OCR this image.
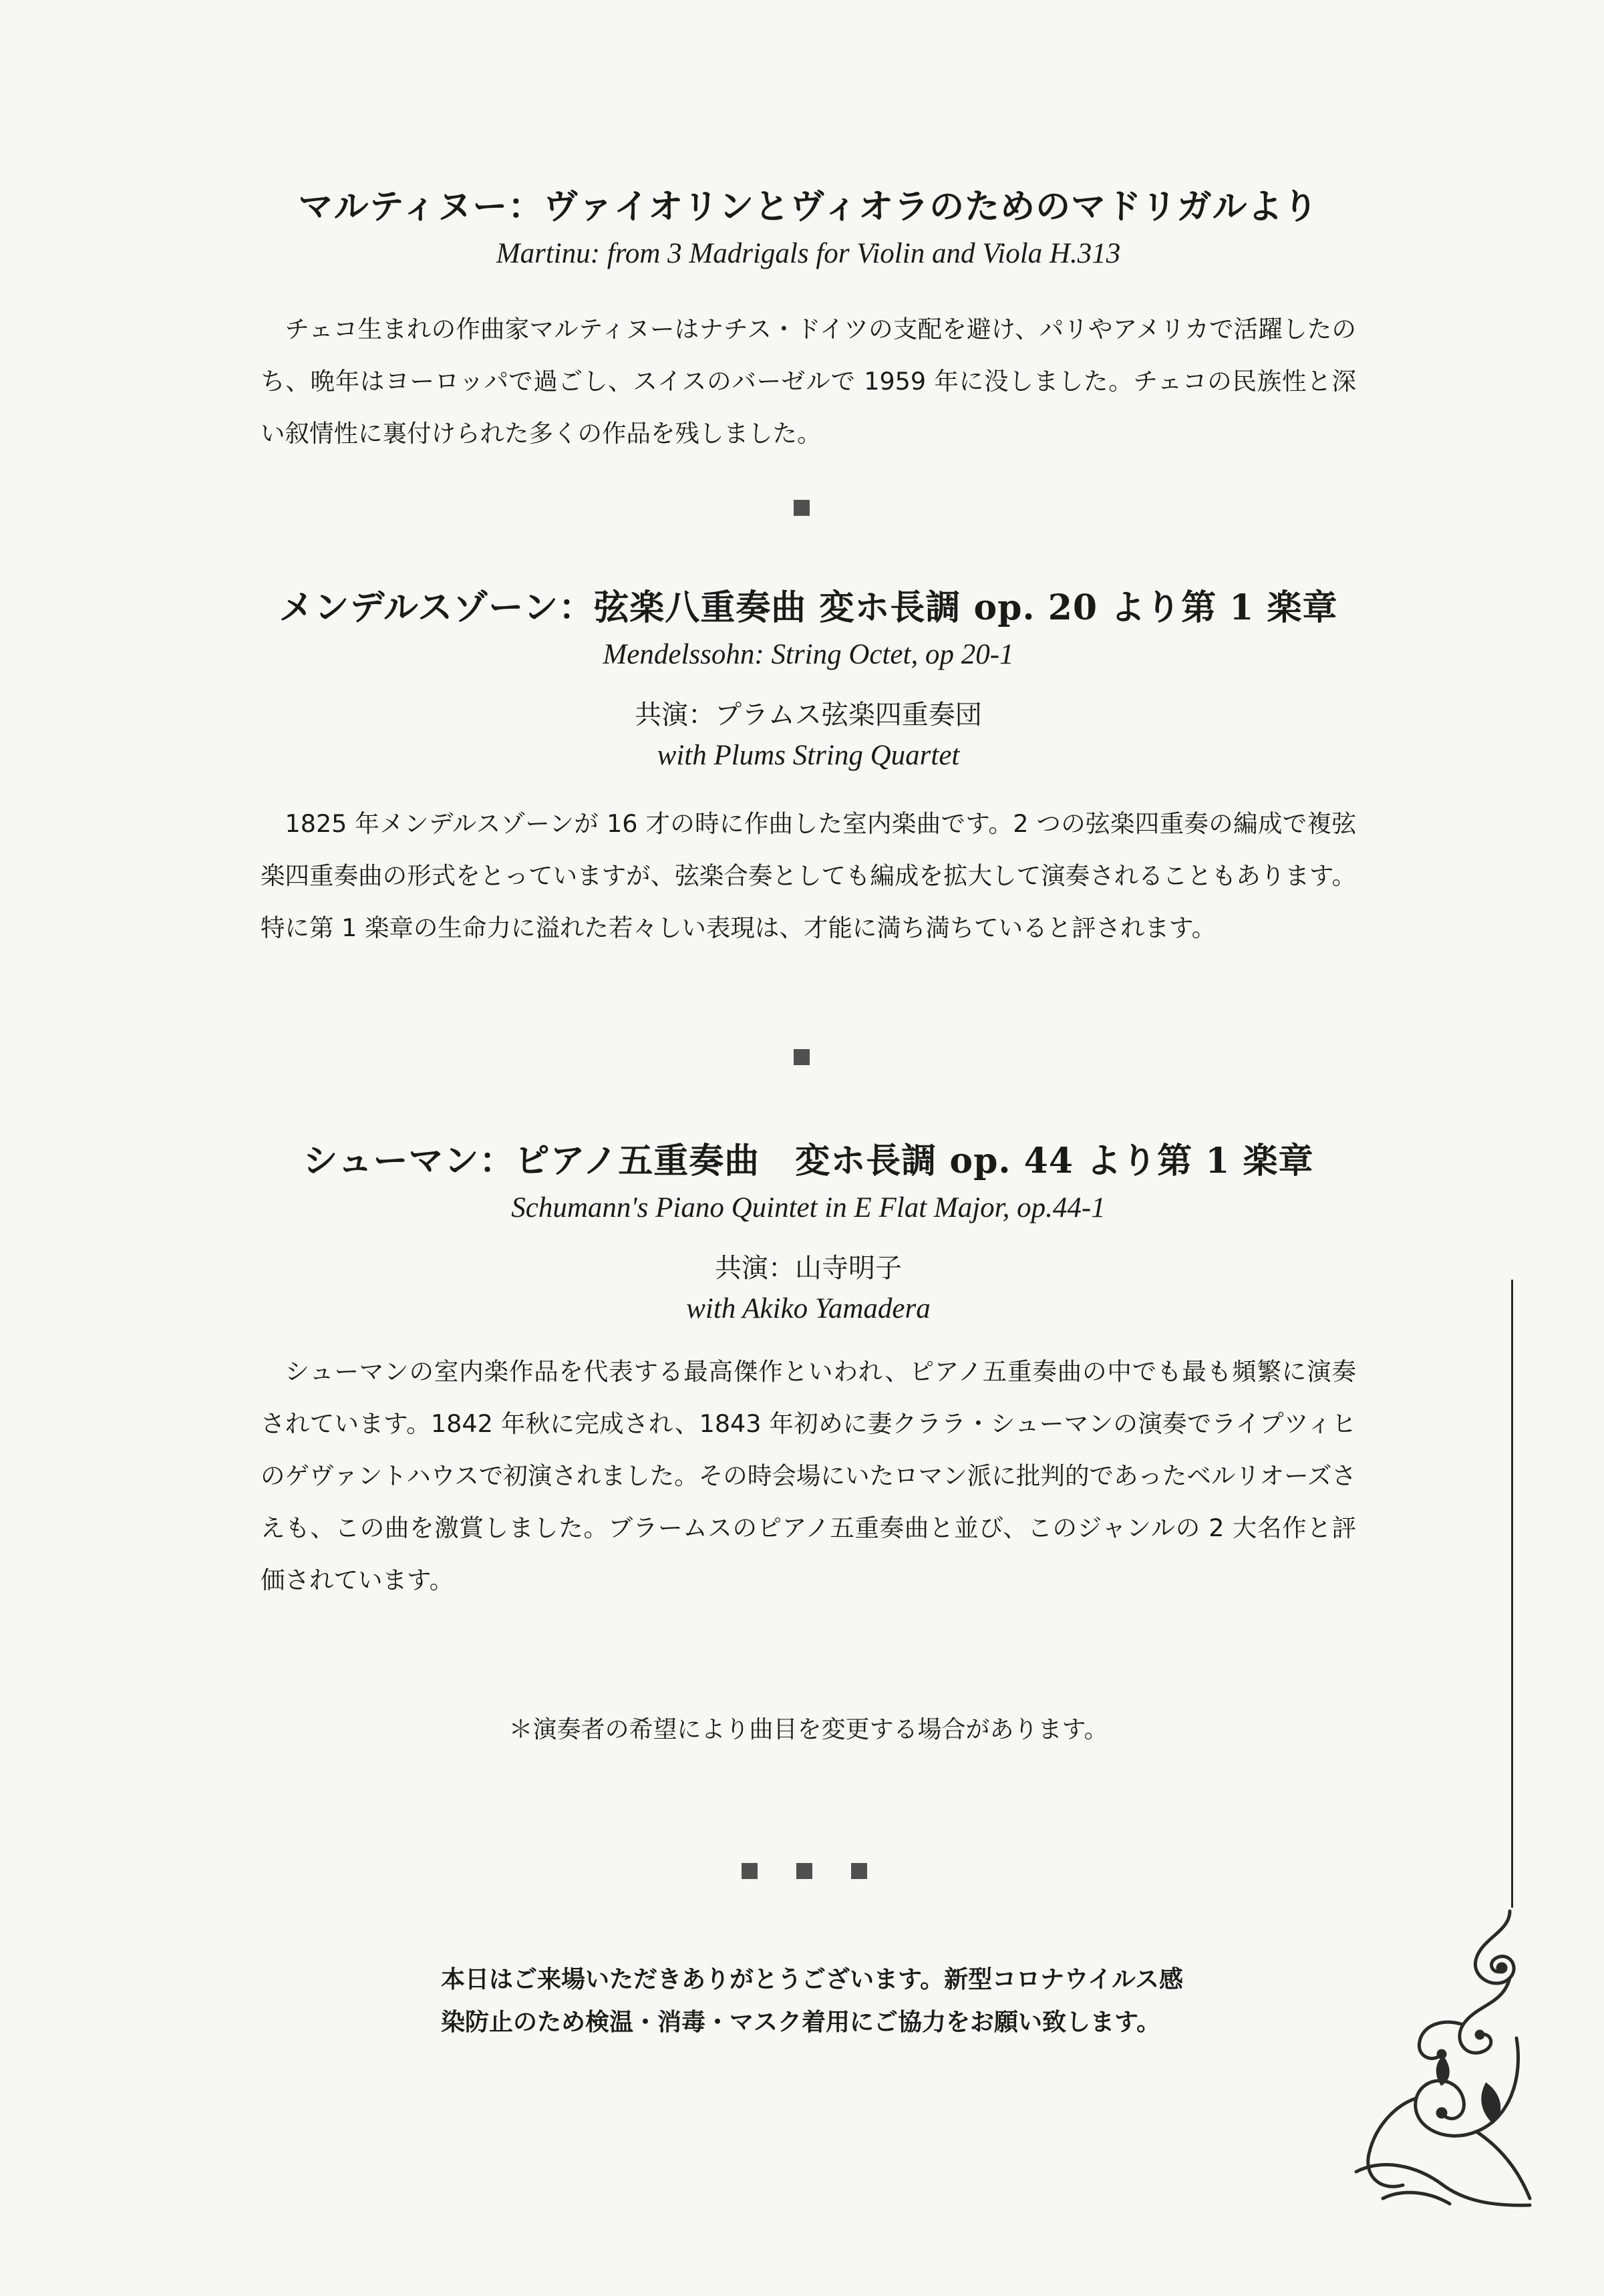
マルティヌー：ヴァイオリンとヴィオラのためのマドリガルより

Martinu: from 3 Madrigals for Violin and Viola H.313

チェコ生まれの作曲家マルティヌーはナチス・ドイツの支配を避け、パリやアメリカで活躍したのち、晩年はヨーロッパで過ごし、スイスのバーゼルで 1959 年に没しました。チェコの民族性と深い叙情性に裏付けられた多くの作品を残しました。

メンデルスゾーン：弦楽八重奏曲 変ホ長調 op. 20 より第 1 楽章

Mendelssohn: String Octet, op 20-1

共演：プラムス弦楽四重奏団

with Plums String Quartet

1825 年メンデルスゾーンが 16 才の時に作曲した室内楽曲です。2 つの弦楽四重奏の編成で複弦楽四重奏曲の形式をとっていますが、弦楽合奏としても編成を拡大して演奏されることもあります。特に第 1 楽章の生命力に溢れた若々しい表現は、才能に満ち満ちていると評されます。

シューマン：ピアノ五重奏曲　変ホ長調 op. 44 より第 1 楽章

Schumann's Piano Quintet in E Flat Major, op.44-1

共演：山寺明子

with Akiko Yamadera

シューマンの室内楽作品を代表する最高傑作といわれ、ピアノ五重奏曲の中でも最も頻繁に演奏されています。1842 年秋に完成され、1843 年初めに妻クララ・シューマンの演奏でライプツィヒのゲヴァントハウスで初演されました。その時会場にいたロマン派に批判的であったベルリオーズさえも、この曲を激賞しました。ブラームスのピアノ五重奏曲と並び、このジャンルの 2 大名作と評価されています。

＊演奏者の希望により曲目を変更する場合があります。

本日はご来場いただきありがとうございます。新型コロナウイルス感染防止のため検温・消毒・マスク着用にご協力をお願い致します。
